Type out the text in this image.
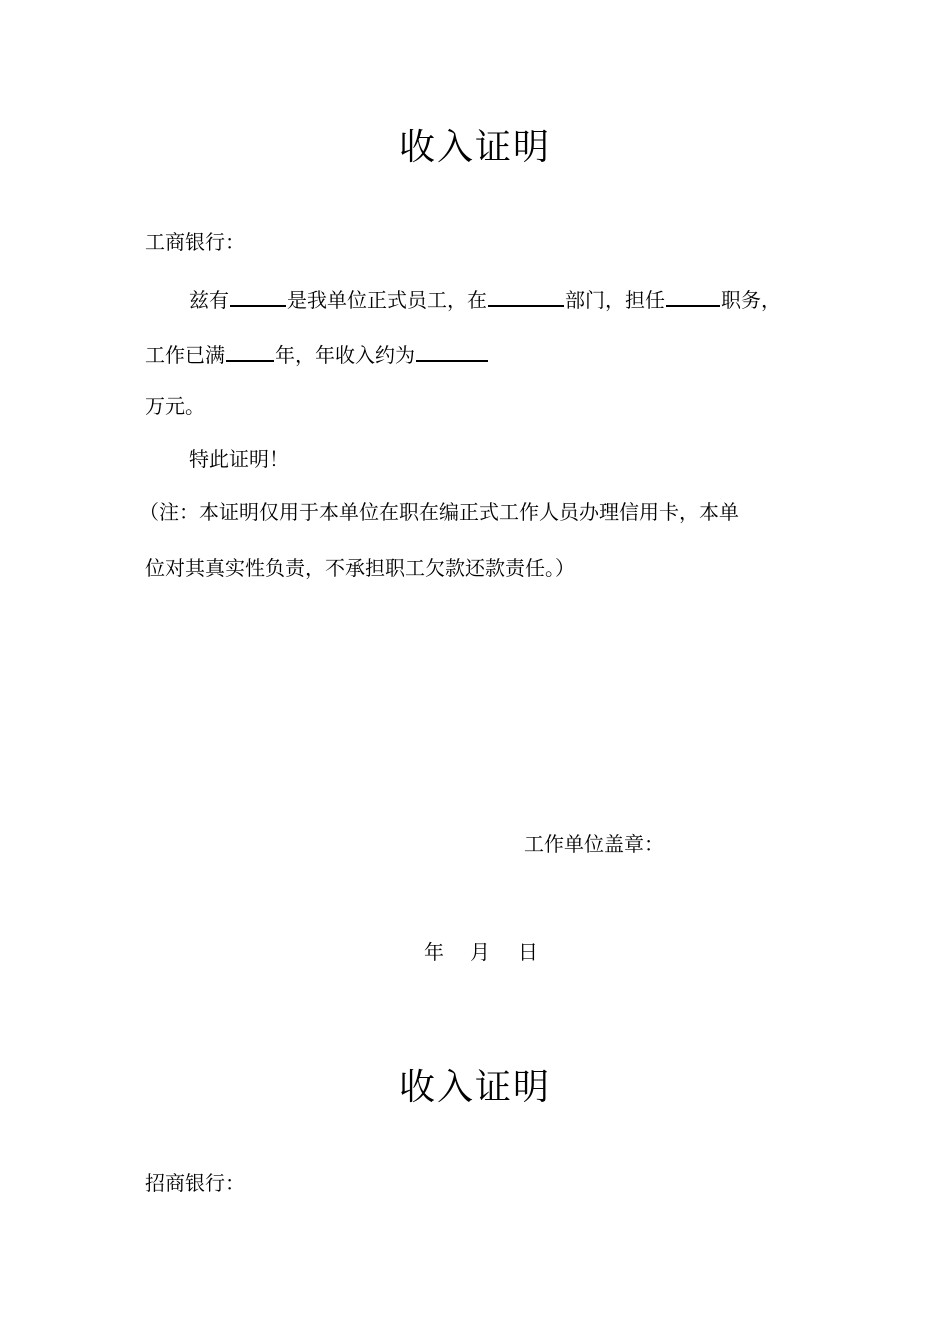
收入证明

工商银行：

兹有	是我单位正式员工，在	部门，担任	职务，

工作已满	年，年收入约为

万元。

特此证明！

（注：本证明仅用于本单位在职在编正式工作人员办理信用卡，本单

位对其真实性负责，不承担职工欠款还款责任。）

工作单位盖章：
年 月 日
收入证明

招商银行：
